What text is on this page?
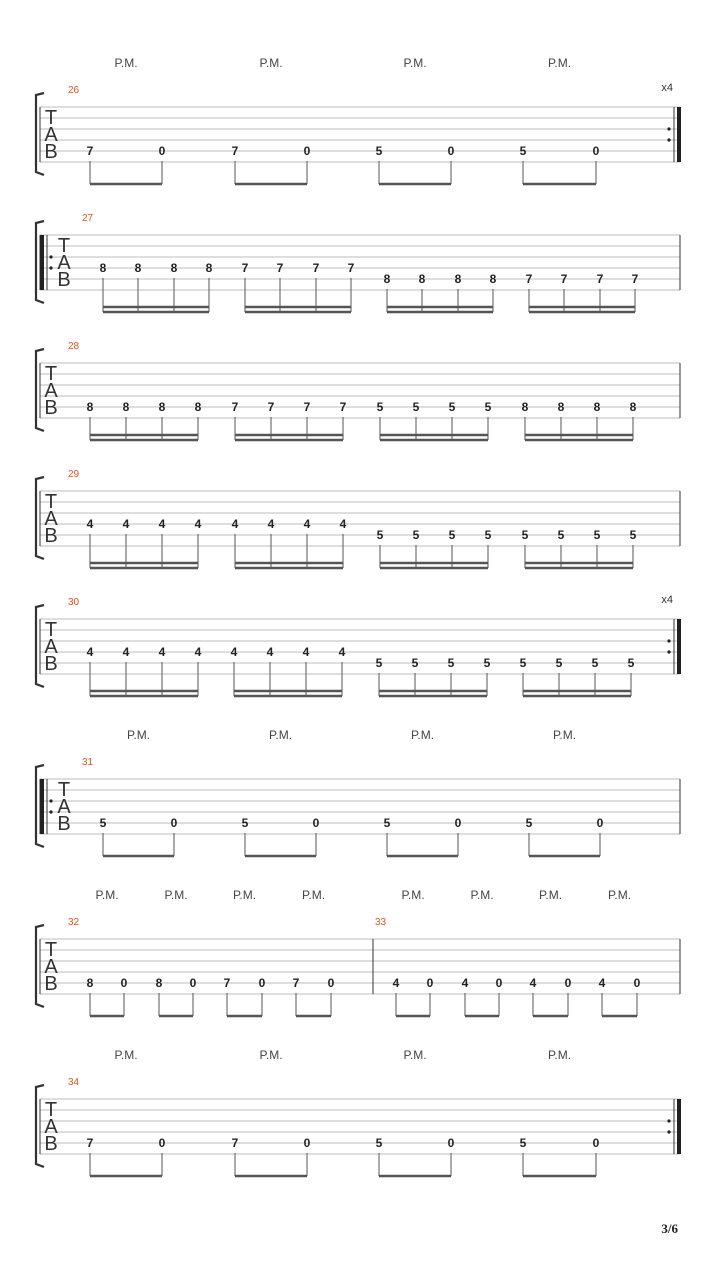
T
A
B
x4
26
7	0
P.M.
7	0
P.M.
5	0
P.M.
5	0
P.M.
T
A
B
27
8 8 8 8 7 7 7 7
8 8 8 8 7 7 7 7
T
A
B
28
8 8 8 8	7 7 7 7	5 5 5 5	8 8 8 8
T
A
B
29
4 4 4 4	4 4 4 4
5 5 5 5	5 5 5 5
T
A
B
x4
30
4 4 4 4 4 4 4 4
5 5 5 5 5 5 5 5
T
A
B
31
5	0
P.M.
5	0
P.M.
5	0
P.M.
5	0
P.M.
T
A
B
32
8 0
P.M.
8 0
P.M.
7 0
P.M.
7 0
P.M.
33
4 0
P.M.
4 0
P.M.
4 0
P.M.
4 0
P.M.
T
A
B
34
7	0
P.M.
7	0
P.M.
5	0
P.M.
5	0
P.M.
3/6
